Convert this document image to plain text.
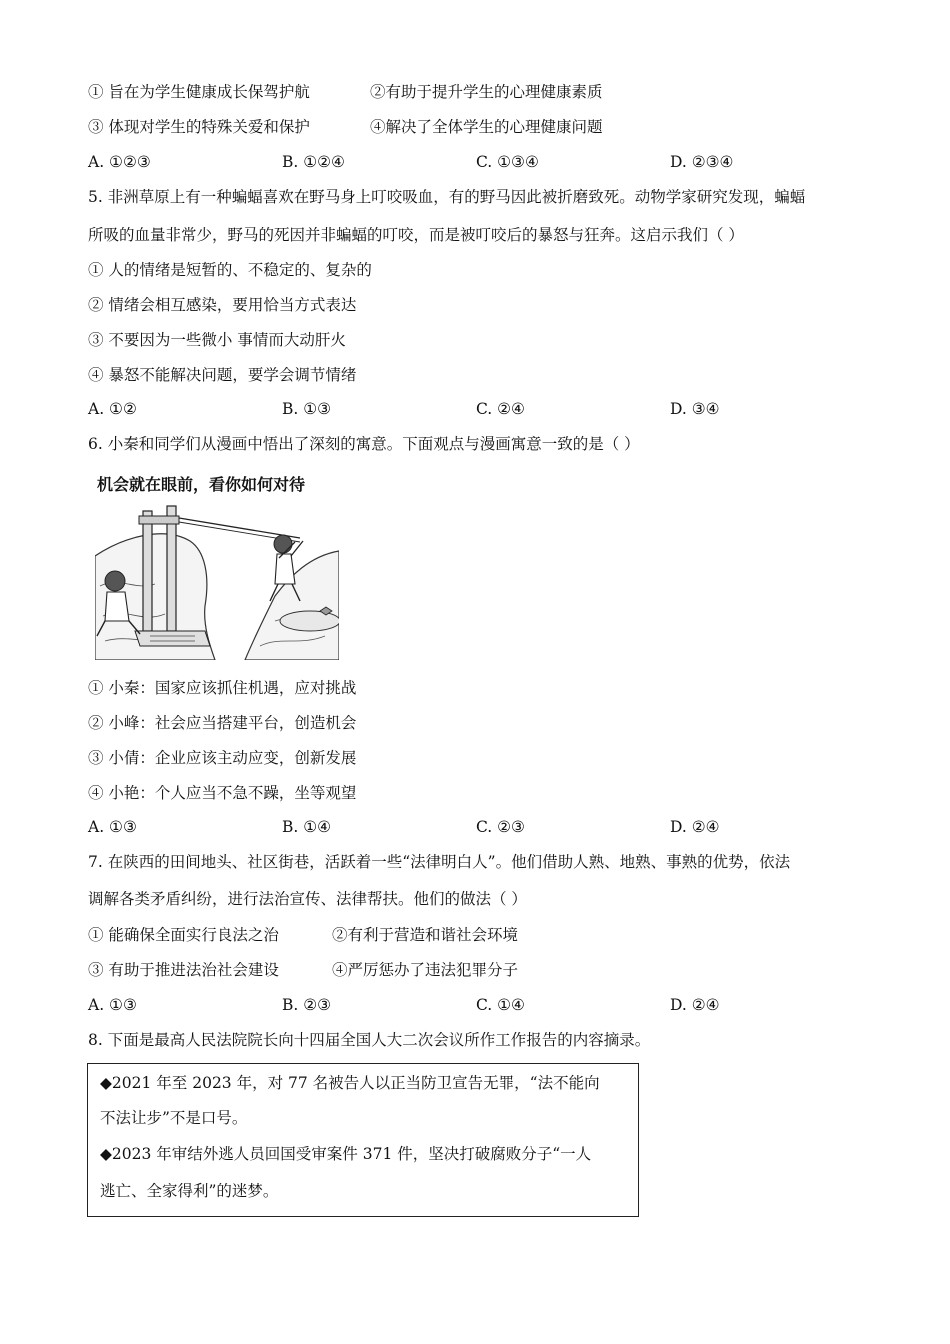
① 旨在为学生健康成长保驾护航	②有助于提升学生的心理健康素质
③ 体现对学生的特殊关爱和保护	④解决了全体学生的心理健康问题
A. ①②③	B. ①②④	C. ①③④	D. ②③④
5. 非洲草原上有一种蝙蝠喜欢在野马身上叮咬吸血，有的野马因此被折磨致死。动物学家研究发现，蝙蝠
所吸的血量非常少，野马的死因并非蝙蝠的叮咬，而是被叮咬后的暴怒与狂奔。这启示我们（ ）
① 人的情绪是短暂的、不稳定的、复杂的
② 情绪会相互感染，要用恰当方式表达
③ 不要因为一些微小 事情而大动肝火
④ 暴怒不能解决问题，要学会调节情绪
A. ①②	B. ①③	C. ②④	D. ③④
6. 小秦和同学们从漫画中悟出了深刻的寓意。下面观点与漫画寓意一致的是（ ）
机会就在眼前，看你如何对待
① 小秦：国家应该抓住机遇，应对挑战
② 小峰：社会应当搭建平台，创造机会
③ 小倩：企业应该主动应变，创新发展
④ 小艳：个人应当不急不躁，坐等观望
A. ①③	B. ①④	C. ②③	D. ②④
7. 在陕西的田间地头、社区街巷，活跃着一些“法律明白人”。他们借助人熟、地熟、事熟的优势，依法
调解各类矛盾纠纷，进行法治宣传、法律帮扶。他们的做法（ ）
① 能确保全面实行良法之治	②有利于营造和谐社会环境
③ 有助于推进法治社会建设	④严厉惩办了违法犯罪分子
A. ①③	B. ②③	C. ①④	D. ②④
8. 下面是最高人民法院院长向十四届全国人大二次会议所作工作报告的内容摘录。
◆2021 年至 2023 年，对 77 名被告人以正当防卫宣告无罪，“法不能向
不法让步”不是口号。
◆2023 年审结外逃人员回国受审案件 371 件，坚决打破腐败分子“一人
逃亡、全家得利”的迷梦。
